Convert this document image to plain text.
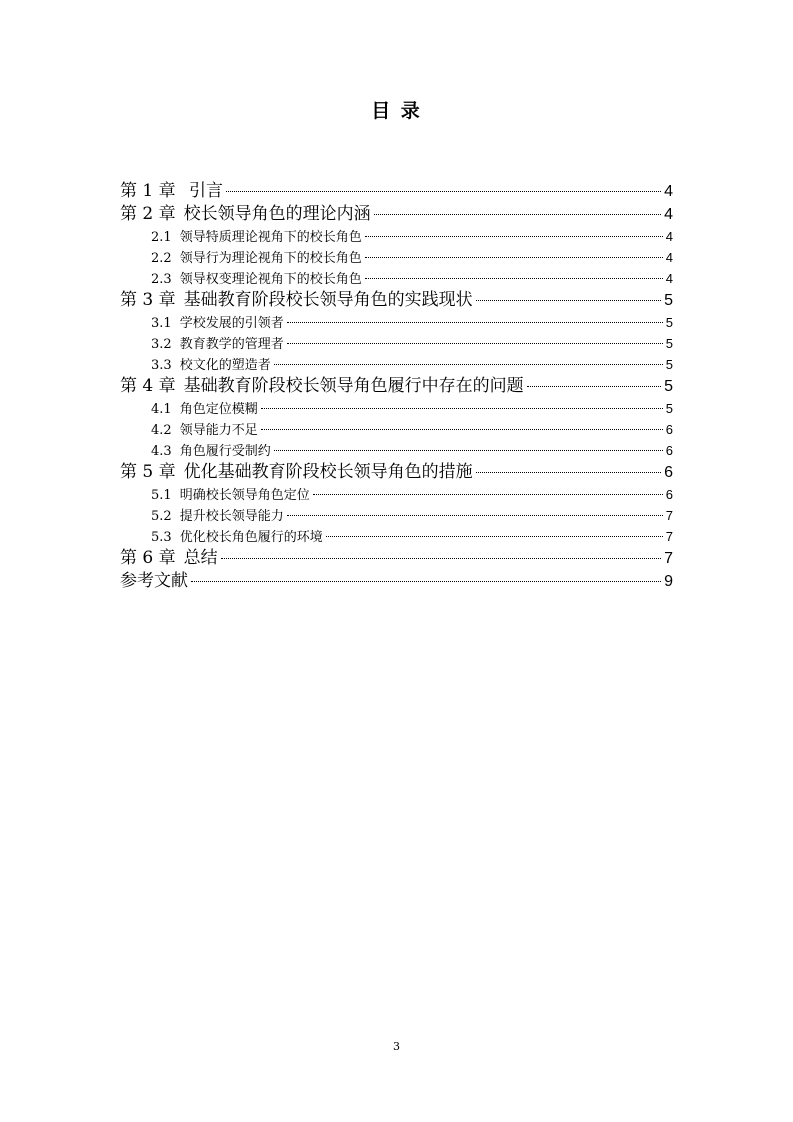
目 录
第 1 章 引言	4
第 2 章 校长领导角色的理论内涵	4
2.1 领导特质理论视角下的校长角色	4
2.2 领导行为理论视角下的校长角色	4
2.3 领导权变理论视角下的校长角色	4
第 3 章 基础教育阶段校长领导角色的实践现状	5
3.1 学校发展的引领者	5
3.2 教育教学的管理者	5
3.3 校文化的塑造者	5
第 4 章 基础教育阶段校长领导角色履行中存在的问题	5
4.1 角色定位模糊	5
4.2 领导能力不足	6
4.3 角色履行受制约	6
第 5 章 优化基础教育阶段校长领导角色的措施	6
5.1 明确校长领导角色定位	6
5.2 提升校长领导能力	7
5.3 优化校长角色履行的环境	7
第 6 章 总结	7
参考文献	9
3
